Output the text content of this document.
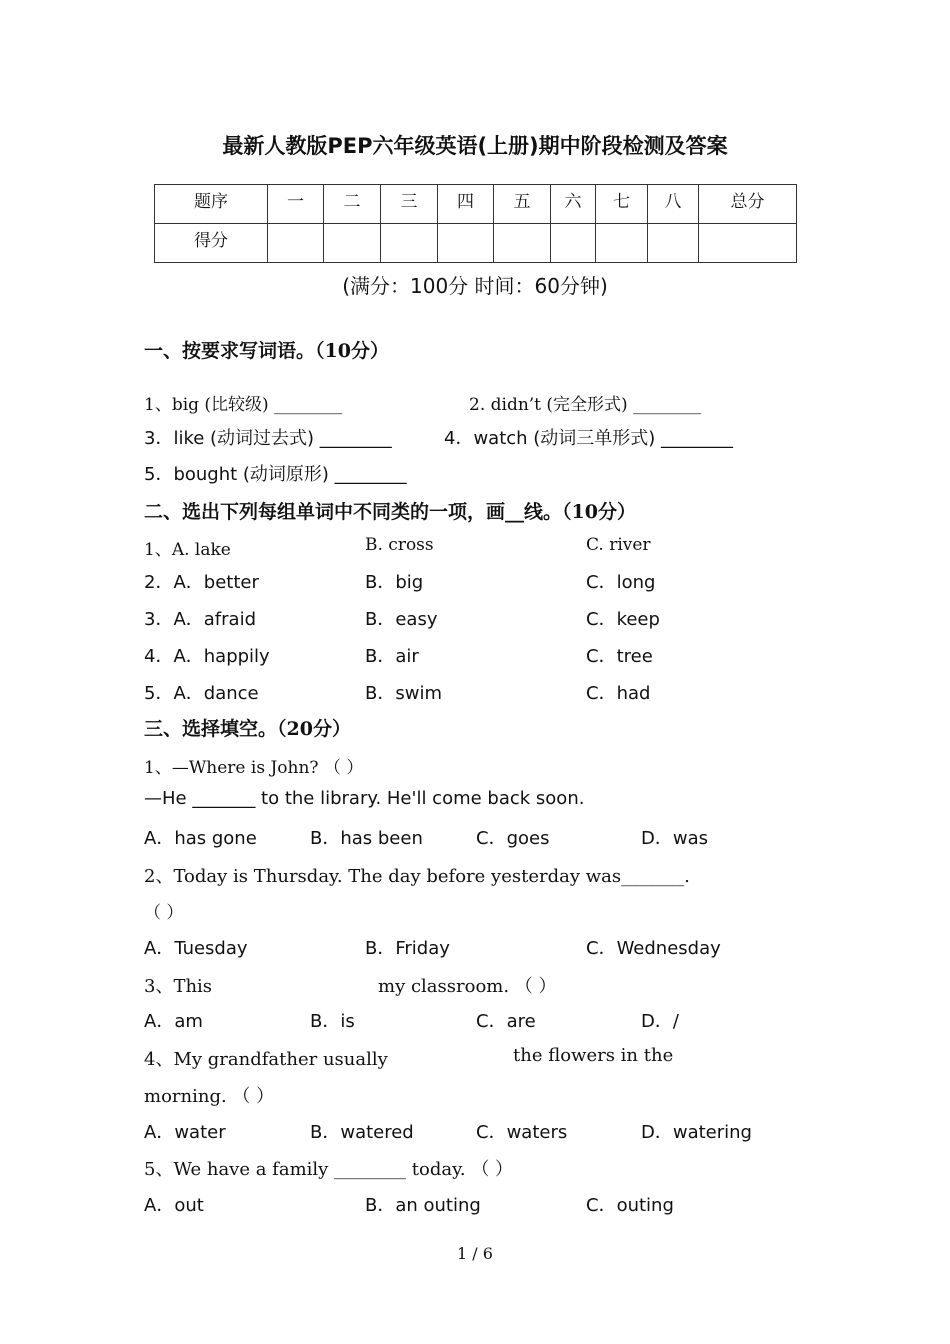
最新人教版PEP六年级英语(上册)期中阶段检测及答案
题序	一	二	三	四	五	六	七	八	总分
得分									
(满分：100分 时间：60分钟)
一、按要求写词语。（10分）
1、big (比较级) ________	2. didn’t (完全形式) ________
3．like (动词过去式) ________	4．watch (动词三单形式) ________
5．bought (动词原形) ________
二、选出下列每组单词中不同类的一项，画__线。（10分）
1、A. lake	B. cross	C. river
2．A．better	B．big	C．long
3．A．afraid	B．easy	C．keep
4．A．happily	B．air	C．tree
5．A．dance	B．swim	C．had
三、选择填空。（20分）
1、—Where is John? （ ）
—He _______ to the library. He'll come back soon.
A．has gone	B．has been	C．goes	D．was
2、Today is Thursday. The day before yesterday was_______.
（ ）
A．Tuesday	B．Friday	C．Wednesday
3、This	my classroom. （ ）
A．am	B．is	C．are	D．/
4、My grandfather usually	the flowers in the
morning. （ ）
A．water	B．watered	C．waters	D．watering
5、We have a family ________ today. （ ）
A．out	B．an outing	C．outing
1 / 6
